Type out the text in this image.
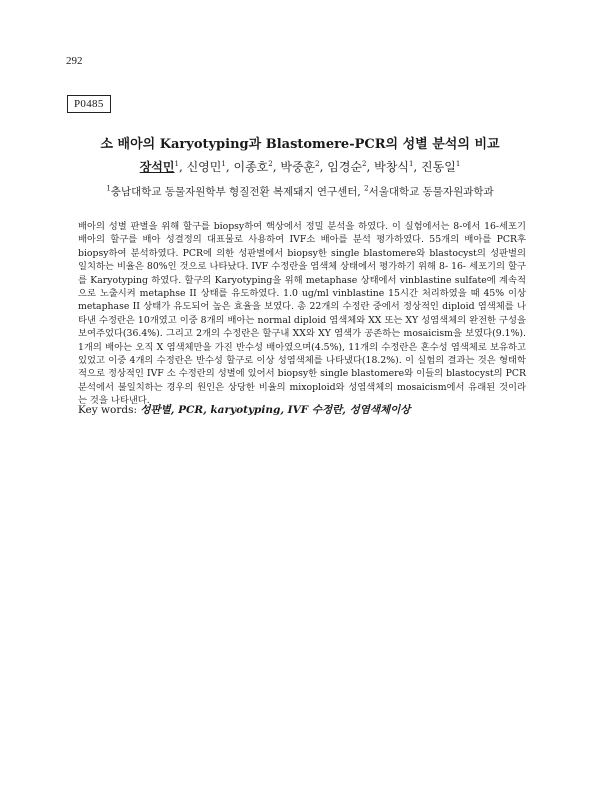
292
P0485
소 배아의 Karyotyping과 Blastomere-PCR의 성별 분석의 비교
장석민$^1$, 신영민$^1$, 이종호$^2$, 박중훈$^2$, 임경순$^2$, 박창식$^1$, 진동일$^1$
$^1$충남대학교 동물자원학부 형질전환 복제돼지 연구센터, $^2$서울대학교 동물자원과학과

배아의 성별 판별을 위해 할구를 biopsy하여 핵상에서 정밀 분석을 하였다. 이 실험에서는 8-에서 16-세포기 배아의 할구를 배아 성결정의 대표물로 사용하여 IVF소 배아를 분석 평가하였다. 55개의 배아를 PCR후 biopsy하여 분석하였다. PCR에 의한 성판별에서 biopsy한 single blastomere와 blastocyst의 성판별의 일치하는 비율은 80%인 것으로 나타났다. IVF 수정란을 염색체 상태에서 평가하기 위해 8- 16- 세포기의 할구를 Karyotyping 하였다. 할구의 Karyotyping을 위해 metaphase 상태에서 vinblastine sulfate에 계속적으로 노출시켜 metaphse II 상태를 유도하였다. 1.0 ug/ml vinblastine 15시간 처리하였을 때 45% 이상 metaphase II 상태가 유도되어 높은 효율을 보였다. 총 22개의 수정란 중에서 정상적인 diploid 염색체를 나타낸 수정란은 10개였고 이중 8개의 배아는 normal diploid 염색체와 XX 또는 XY 성염색체의 완전한 구성을 보여주었다(36.4%). 그리고 2개의 수정란은 할구내 XX와 XY 염색가 공존하는 mosaicism을 보였다(9.1%). 1개의 배아는 오직 X 염색체만을 가진 반수성 배아였으며(4.5%), 11개의 수정란은 혼수성 염색체로 보유하고 있었고 이중 4개의 수정란은 반수성 할구로 이상 성염색체를 나타냈다(18.2%). 이 실험의 결과는 것은 형태학적으로 정상적인 IVF 소 수정란의 성별에 있어서 biopsy한 single blastomere와 이들의 blastocyst의 PCR 분석에서 불일치하는 경우의 원인은 상당한 비율의 mixoploid와 성염색체의 mosaicism에서 유래된 것이라는 것을 나타낸다.

Key words: 성판별, PCR, karyotyping, IVF 수정란, 성염색체이상
